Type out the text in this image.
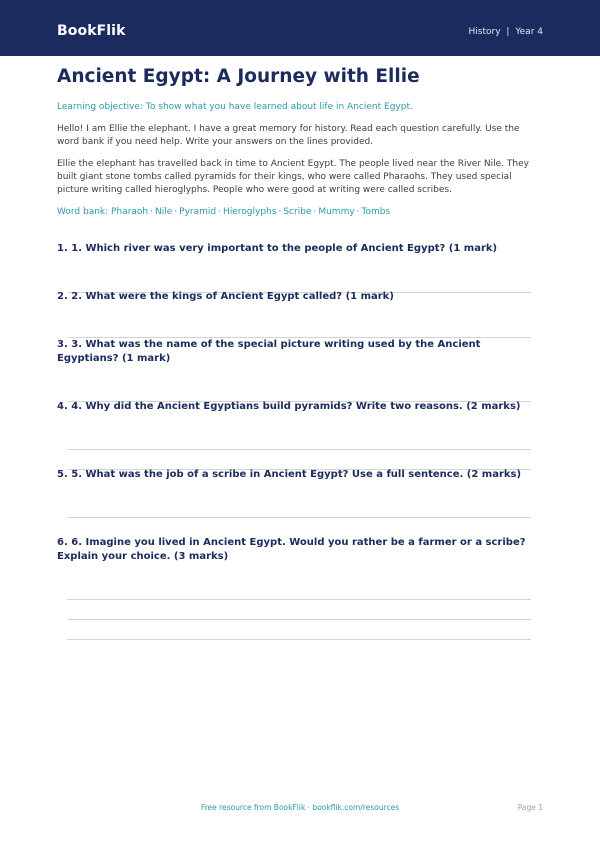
BookFlik	History | Year 4
Ancient Egypt: A Journey with Ellie
Learning objective: To show what you have learned about life in Ancient Egypt.

Hello! I am Ellie the elephant. I have a great memory for history. Read each question carefully. Use the word bank if you need help. Write your answers on the lines provided.

Ellie the elephant has travelled back in time to Ancient Egypt. The people lived near the River Nile. They built giant stone tombs called pyramids for their kings, who were called Pharaohs. They used special picture writing called hieroglyphs. People who were good at writing were called scribes.

Word bank: Pharaoh · Nile · Pyramid · Hieroglyphs · Scribe · Mummy · Tombs
1. 1. Which river was very important to the people of Ancient Egypt? (1 mark)
2. 2. What were the kings of Ancient Egypt called? (1 mark)
3. 3. What was the name of the special picture writing used by the Ancient Egyptians? (1 mark)
4. 4. Why did the Ancient Egyptians build pyramids? Write two reasons. (2 marks)
5. 5. What was the job of a scribe in Ancient Egypt? Use a full sentence. (2 marks)
6. 6. Imagine you lived in Ancient Egypt. Would you rather be a farmer or a scribe? Explain your choice. (3 marks)
Free resource from BookFlik · bookflik.com/resources	Page 1
